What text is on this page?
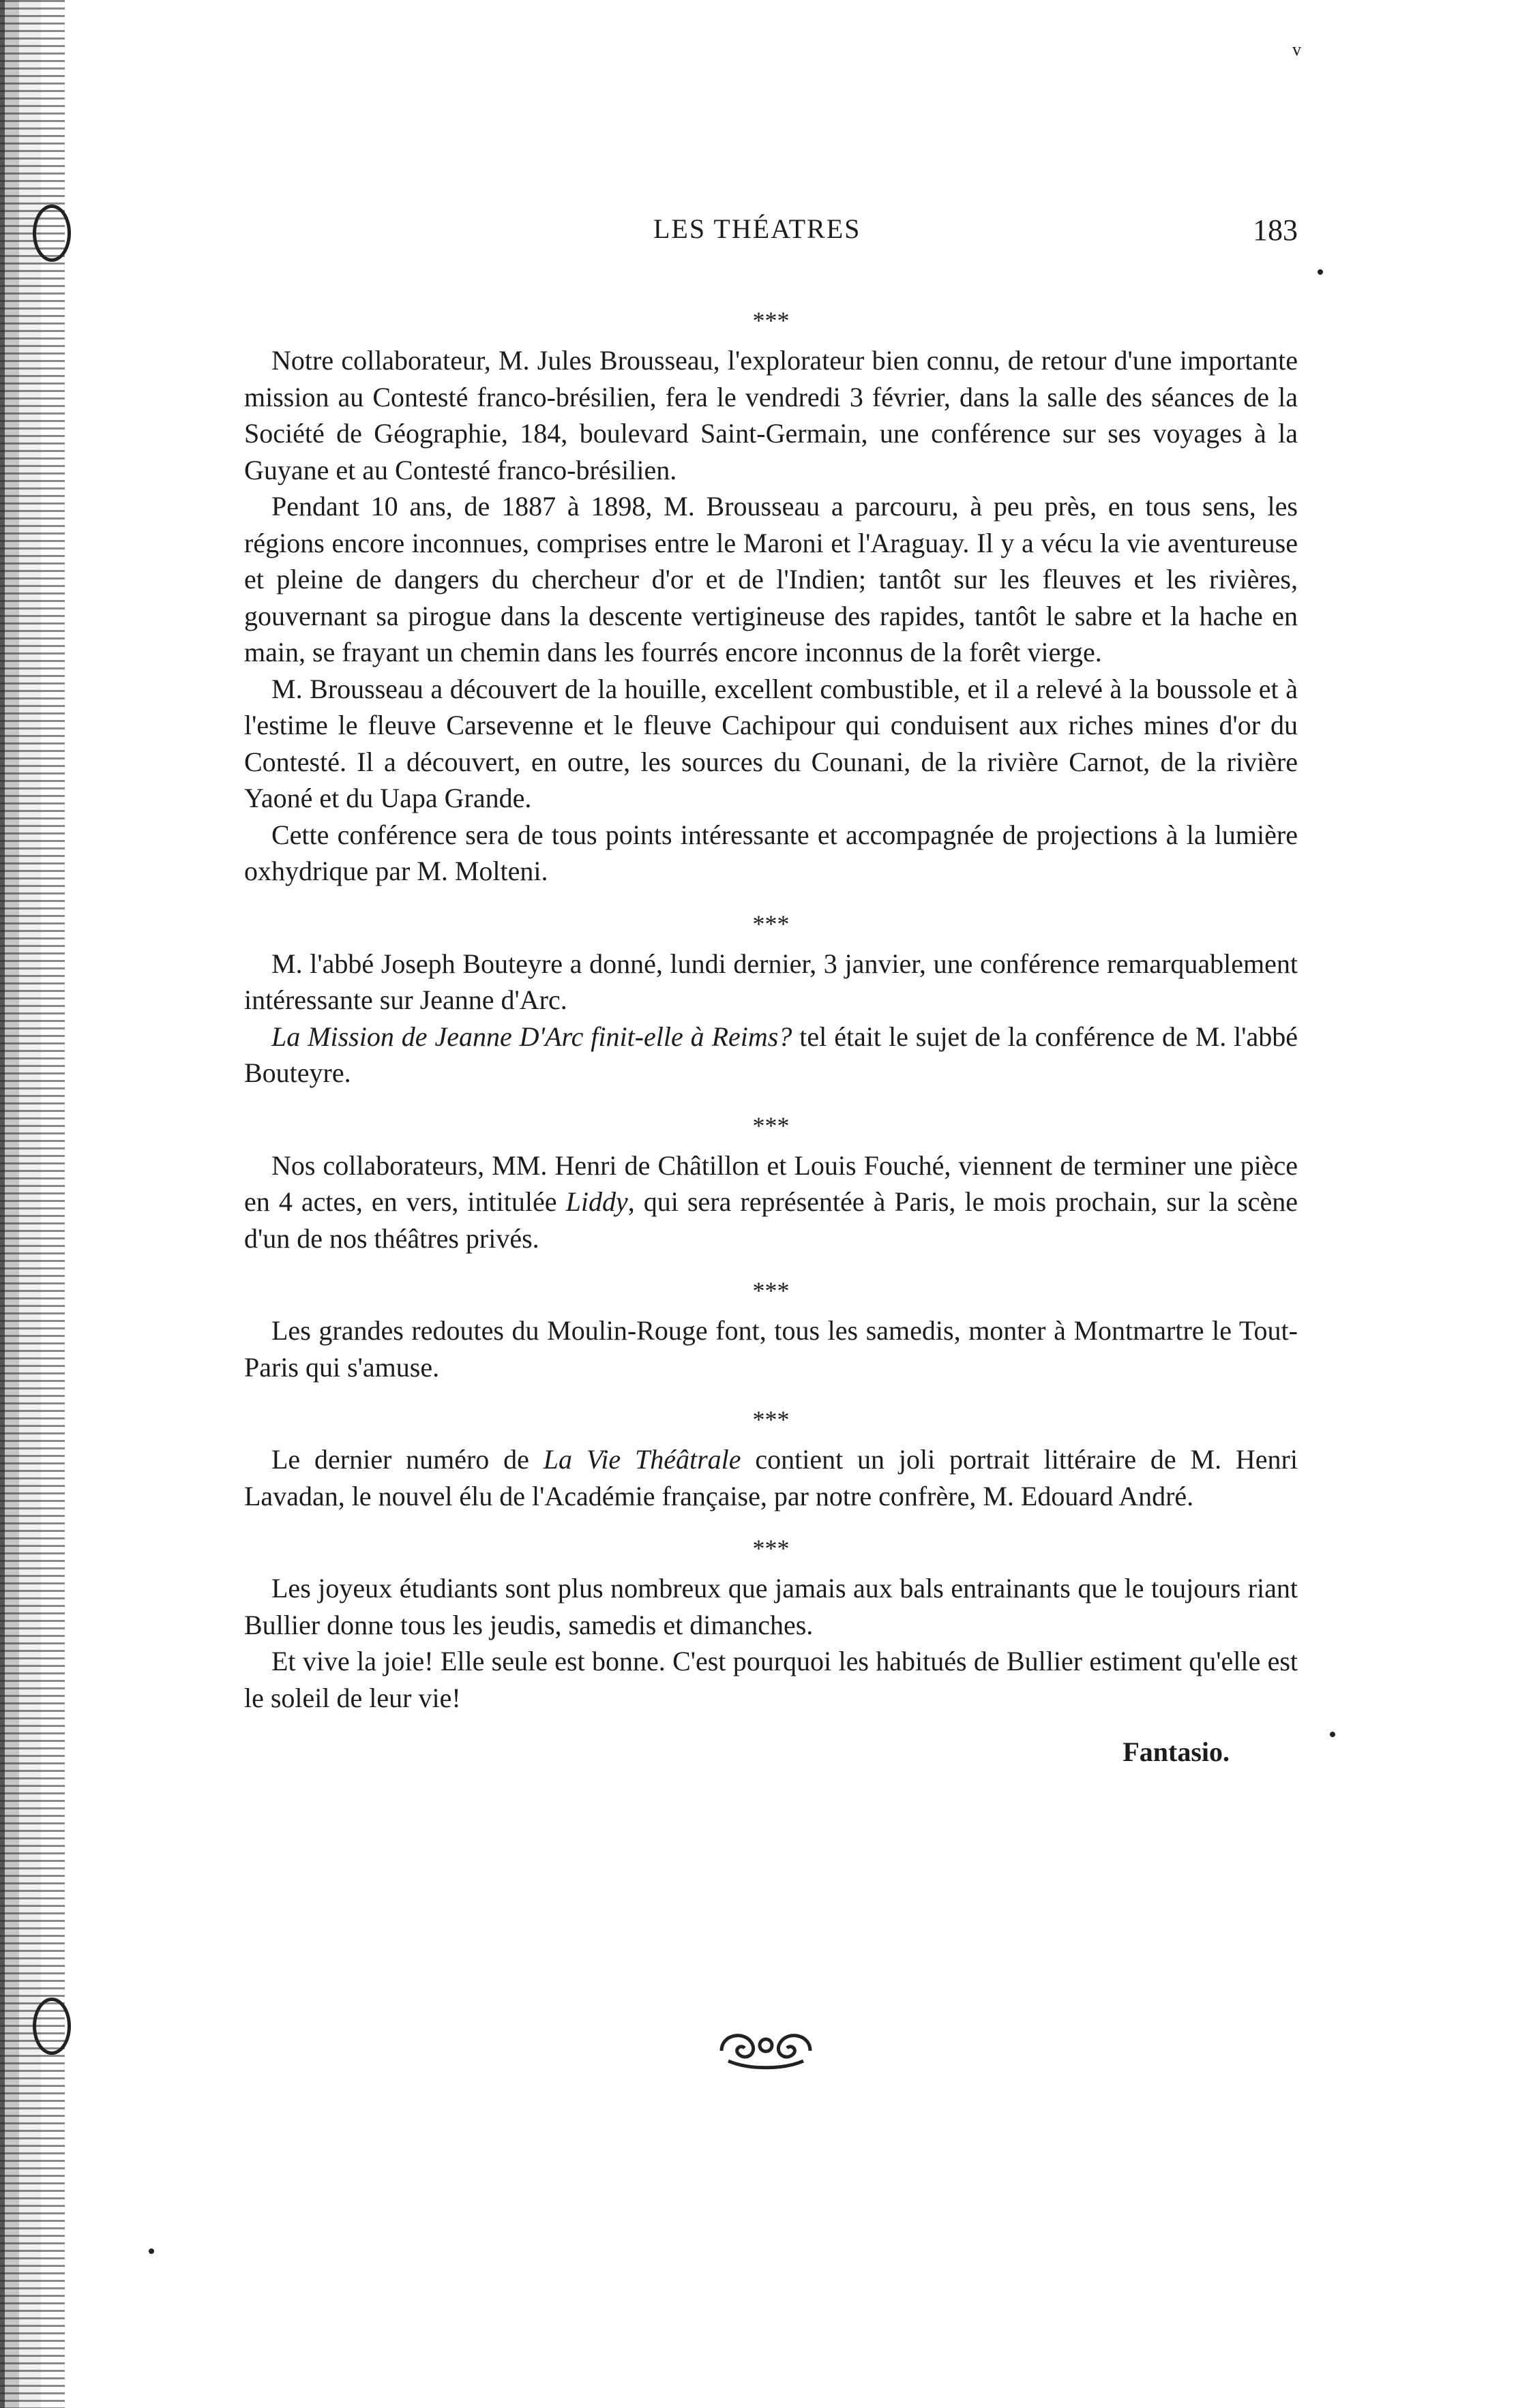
v
LES THÉATRES	183

***

Notre collaborateur, M. Jules Brousseau, l'explorateur bien connu, de retour d'une importante mission au Contesté franco-brésilien, fera le vendredi 3 février, dans la salle des séances de la Société de Géographie, 184, boulevard Saint-Germain, une conférence sur ses voyages à la Guyane et au Contesté franco-brésilien.

Pendant 10 ans, de 1887 à 1898, M. Brousseau a parcouru, à peu près, en tous sens, les régions encore inconnues, comprises entre le Maroni et l'Araguay. Il y a vécu la vie aventureuse et pleine de dangers du chercheur d'or et de l'Indien; tantôt sur les fleuves et les rivières, gouvernant sa pirogue dans la descente vertigineuse des rapides, tantôt le sabre et la hache en main, se frayant un chemin dans les fourrés encore inconnus de la forêt vierge.

M. Brousseau a découvert de la houille, excellent combustible, et il a relevé à la boussole et à l'estime le fleuve Carsevenne et le fleuve Cachipour qui conduisent aux riches mines d'or du Contesté. Il a découvert, en outre, les sources du Counani, de la rivière Carnot, de la rivière Yaoné et du Uapa Grande.

Cette conférence sera de tous points intéressante et accompagnée de projections à la lumière oxhydrique par M. Molteni.

***

M. l'abbé Joseph Bouteyre a donné, lundi dernier, 3 janvier, une conférence remarquablement intéressante sur Jeanne d'Arc.

La Mission de Jeanne D'Arc finit-elle à Reims? tel était le sujet de la conférence de M. l'abbé Bouteyre.

***

Nos collaborateurs, MM. Henri de Châtillon et Louis Fouché, viennent de terminer une pièce en 4 actes, en vers, intitulée Liddy, qui sera représentée à Paris, le mois prochain, sur la scène d'un de nos théâtres privés.

***

Les grandes redoutes du Moulin-Rouge font, tous les samedis, monter à Montmartre le Tout-Paris qui s'amuse.

***

Le dernier numéro de La Vie Théâtrale contient un joli portrait littéraire de M. Henri Lavadan, le nouvel élu de l'Académie française, par notre confrère, M. Edouard André.

***

Les joyeux étudiants sont plus nombreux que jamais aux bals entrainants que le toujours riant Bullier donne tous les jeudis, samedis et dimanches.

Et vive la joie! Elle seule est bonne. C'est pourquoi les habitués de Bullier estiment qu'elle est le soleil de leur vie!

Fantasio.
